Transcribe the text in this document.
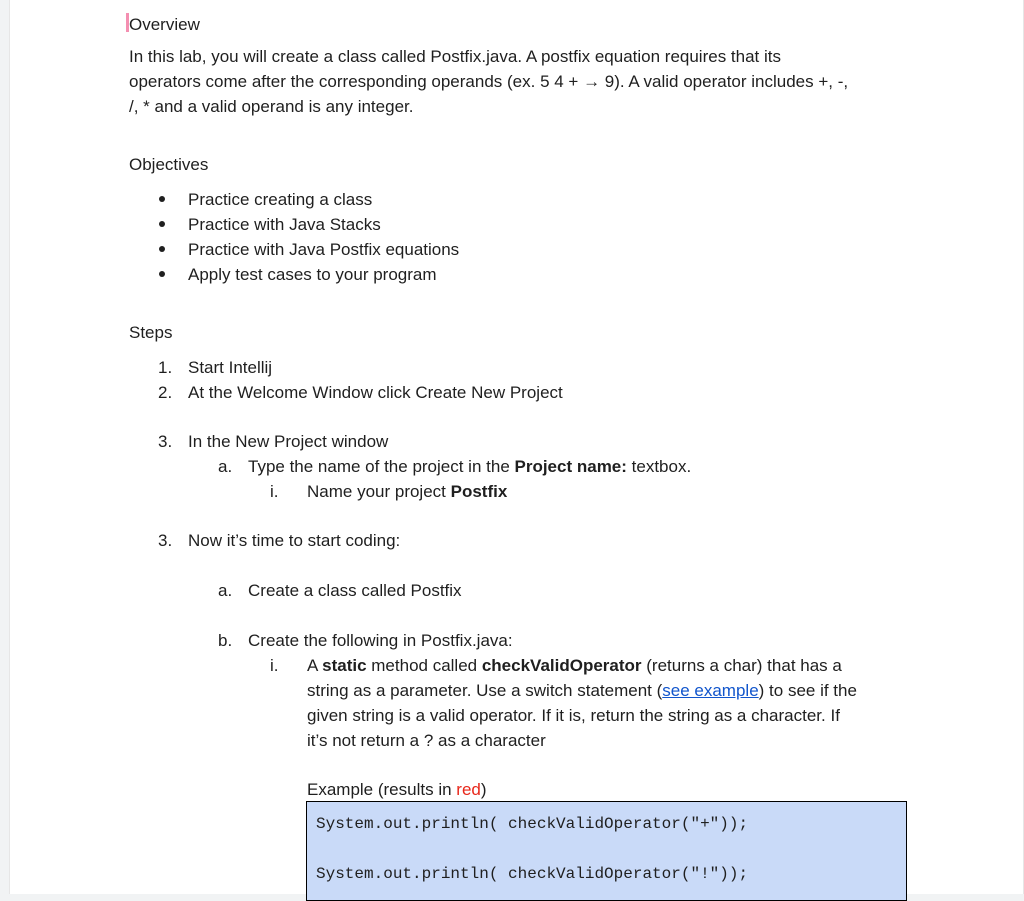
Overview
In this lab, you will create a class called Postfix.java. A postfix equation requires that its
operators come after the corresponding operands (ex. 5 4 + → 9). A valid operator includes +, -,
/, * and a valid operand is any integer.
Objectives
Practice creating a class
Practice with Java Stacks
Practice with Java Postfix equations
Apply test cases to your program
Steps
1. Start Intellij
2. At the Welcome Window click Create New Project
3. In the New Project window
a. Type the name of the project in the Project name: textbox.
i. Name your project Postfix
3. Now it’s time to start coding:
a. Create a class called Postfix
b. Create the following in Postfix.java:
i. A static method called checkValidOperator (returns a char) that has a
string as a parameter. Use a switch statement (see example) to see if the
given string is a valid operator. If it is, return the string as a character. If
it’s not return a ? as a character
Example (results in red)
System.out.println( checkValidOperator("+"));
System.out.println( checkValidOperator("!"));
